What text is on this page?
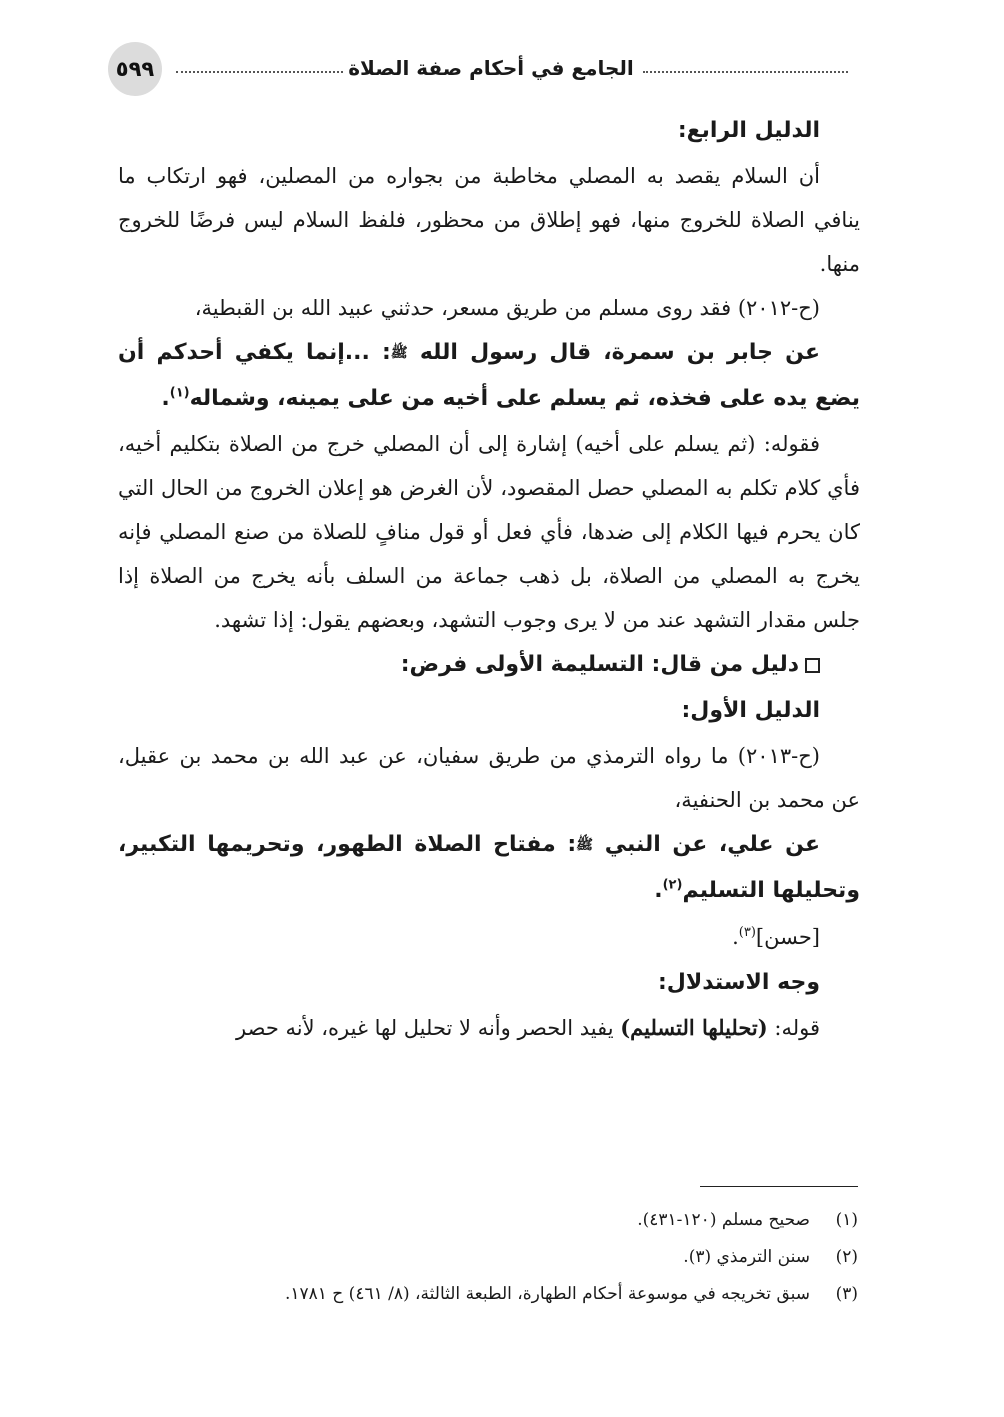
٥٩٩	الجامع في أحكام صفة الصلاة

الدليل الرابع:

أن السلام يقصد به المصلي مخاطبة من بجواره من المصلين، فهو ارتكاب ما ينافي الصلاة للخروج منها، فهو إطلاق من محظور، فلفظ السلام ليس فرضًا للخروج منها.

(ح-٢٠١٢) فقد روى مسلم من طريق مسعر، حدثني عبيد الله بن القبطية،

عن جابر بن سمرة، قال رسول الله ﷺ: ...إنما يكفي أحدكم أن يضع يده على فخذه، ثم يسلم على أخيه من على يمينه، وشماله$^{(١)}$.

فقوله: (ثم يسلم على أخيه) إشارة إلى أن المصلي خرج من الصلاة بتكليم أخيه، فأي كلام تكلم به المصلي حصل المقصود، لأن الغرض هو إعلان الخروج من الحال التي كان يحرم فيها الكلام إلى ضدها، فأي فعل أو قول منافٍ للصلاة من صنع المصلي فإنه يخرج به المصلي من الصلاة، بل ذهب جماعة من السلف بأنه يخرج من الصلاة إذا جلس مقدار التشهد عند من لا يرى وجوب التشهد، وبعضهم يقول: إذا تشهد.

دليل من قال: التسليمة الأولى فرض:

الدليل الأول:

(ح-٢٠١٣) ما رواه الترمذي من طريق سفيان، عن عبد الله بن محمد بن عقيل، عن محمد بن الحنفية،

عن علي، عن النبي ﷺ: مفتاح الصلاة الطهور، وتحريمها التكبير، وتحليلها التسليم$^{(٢)}$.

[حسن]$^{(٣)}$.

وجه الاستدلال:

قوله: (تحليلها التسليم) يفيد الحصر وأنه لا تحليل لها غيره، لأنه حصر

(١)
صحيح مسلم (١٢٠-٤٣١).
(٢)
سنن الترمذي (٣).
(٣)
سبق تخريجه في موسوعة أحكام الطهارة، الطبعة الثالثة، (٨/ ٤٦١) ح ١٧٨١.
